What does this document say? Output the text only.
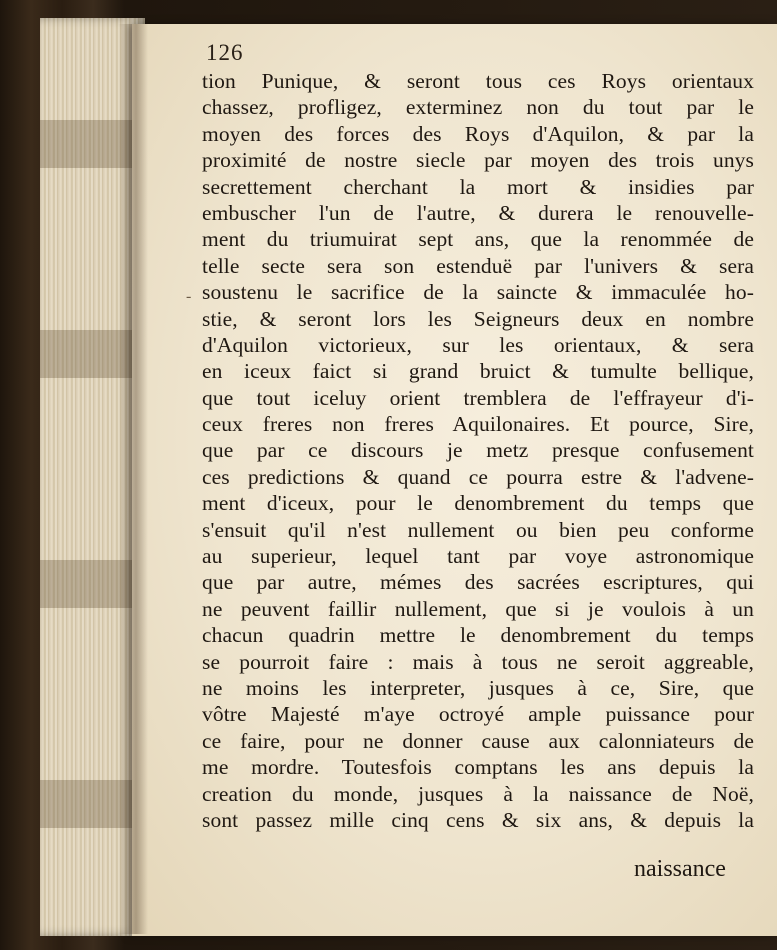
126

-
tion Punique, & seront tous ces Roys orientaux
chassez, profligez, exterminez non du tout par le
moyen des forces des Roys d'Aquilon, & par la
proximité de nostre siecle par moyen des trois unys
secrettement cherchant la mort & insidies par
embuscher l'un de l'autre, & durera le renouvelle-
ment du triumuirat sept ans, que la renommée de
telle secte sera son estenduë par l'univers & sera
soustenu le sacrifice de la saincte & immaculée ho-
stie, & seront lors les Seigneurs deux en nombre
d'Aquilon victorieux, sur les orientaux, & sera
en iceux faict si grand bruict & tumulte bellique,
que tout iceluy orient tremblera de l'effrayeur d'i-
ceux freres non freres Aquilonaires. Et pource, Sire,
que par ce discours je metz presque confusement
ces predictions & quand ce pourra estre & l'advene-
ment d'iceux, pour le denombrement du temps que
s'ensuit qu'il n'est nullement ou bien peu conforme
au superieur, lequel tant par voye astronomique
que par autre, mémes des sacrées escriptures, qui
ne peuvent faillir nullement, que si je voulois à un
chacun quadrin mettre le denombrement du temps
se pourroit faire : mais à tous ne seroit aggreable,
ne moins les interpreter, jusques à ce, Sire, que
vôtre Majesté m'aye octroyé ample puissance pour
ce faire, pour ne donner cause aux calonniateurs de
me mordre. Toutesfois comptans les ans depuis la
creation du monde, jusques à la naissance de Noë,
sont passez mille cinq cens & six ans, & depuis la

naissance
